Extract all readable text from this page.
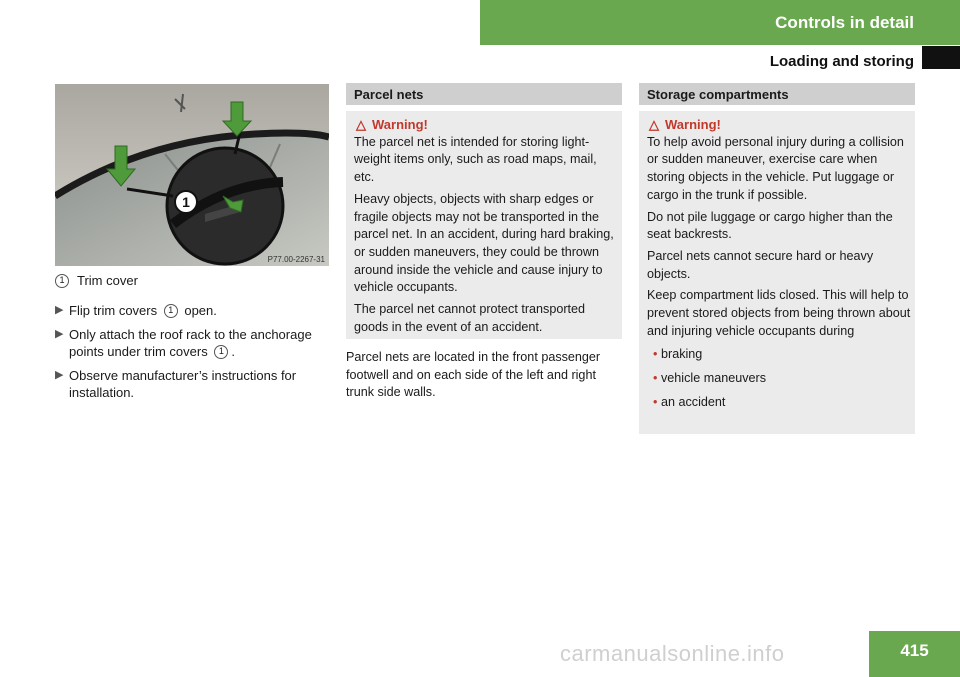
Controls in detail
Loading and storing
1
P77.00-2267-31
1 Trim cover
▶ Flip trim covers 1 open.
▶ Only attach the roof rack to the anchorage points under trim covers 1 .
▶ Observe manufacturer’s instructions for installation.
Parcel nets
△ Warning!

The parcel net is intended for storing light-weight items only, such as road maps, mail, etc.

Heavy objects, objects with sharp edges or fragile objects may not be transported in the parcel net. In an accident, during hard braking, or sudden maneuvers, they could be thrown around inside the vehicle and cause injury to vehicle occupants.

The parcel net cannot protect transported goods in the event of an accident.

Parcel nets are located in the front passenger footwell and on each side of the left and right trunk side walls.
Storage compartments
△ Warning!

To help avoid personal injury during a collision or sudden maneuver, exercise care when storing objects in the vehicle. Put luggage or cargo in the trunk if possible.

Do not pile luggage or cargo higher than the seat backrests.

Parcel nets cannot secure hard or heavy objects.

Keep compartment lids closed. This will help to prevent stored objects from being thrown about and injuring vehicle occupants during

• braking
• vehicle maneuvers
• an accident
carmanualsonline.info	415
